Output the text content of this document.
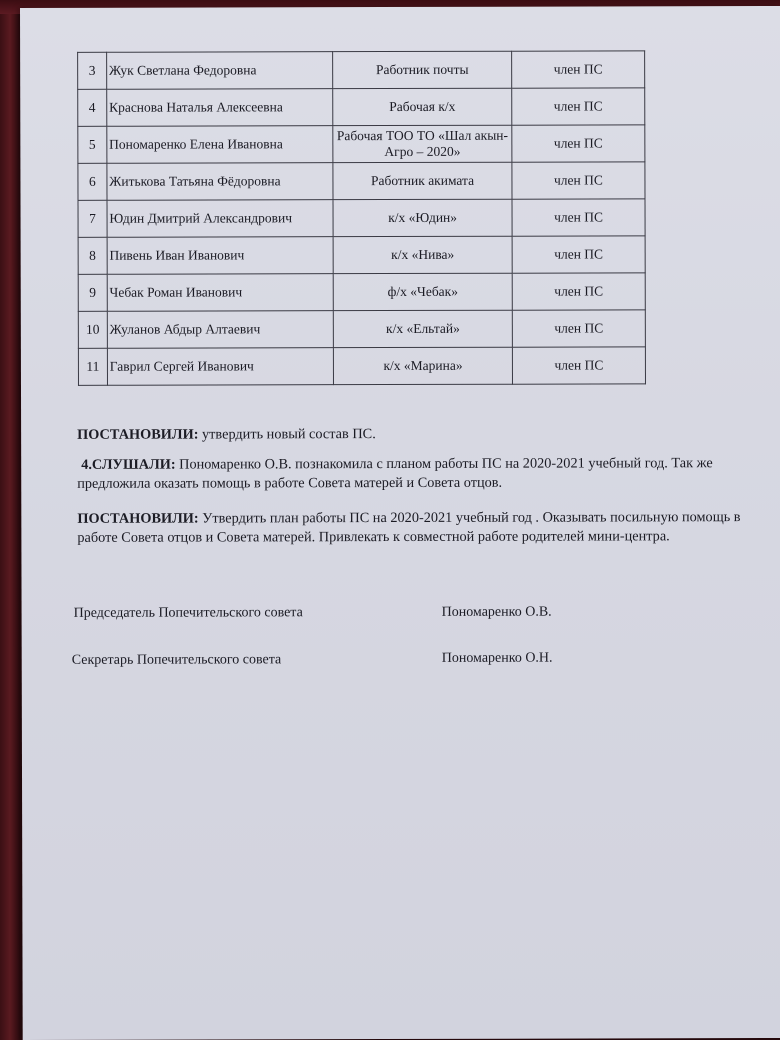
3	Жук Светлана Федоровна	Работник почты	член ПС
4	Краснова Наталья Алексеевна	Рабочая к/х	член ПС
5	Пономаренко Елена Ивановна	Рабочая ТОО ТО «Шал акын-Агро – 2020»	член ПС
6	Житькова Татьяна Фёдоровна	Работник акимата	член ПС
7	Юдин Дмитрий Александрович	к/х «Юдин»	член ПС
8	Пивень Иван Иванович	к/х «Нива»	член ПС
9	Чебак Роман Иванович	ф/х «Чебак»	член ПС
10	Жуланов Абдыр Алтаевич	к/х «Ельтай»	член ПС
11	Гаврил Сергей Иванович	к/х «Марина»	член ПС
ПОСТАНОВИЛИ: утвердить новый состав ПС.
4.СЛУШАЛИ: Пономаренко О.В. познакомила с планом работы ПС на 2020-2021 учебный год. Так же предложила оказать помощь в работе Совета матерей и Совета отцов.
ПОСТАНОВИЛИ: Утвердить план работы ПС на 2020-2021 учебный год . Оказывать посильную помощь в работе Совета отцов и Совета матерей. Привлекать к совместной работе родителей мини-центра.
Председатель Попечительского совета	Пономаренко О.В.
Секретарь Попечительского совета	Пономаренко О.Н.
